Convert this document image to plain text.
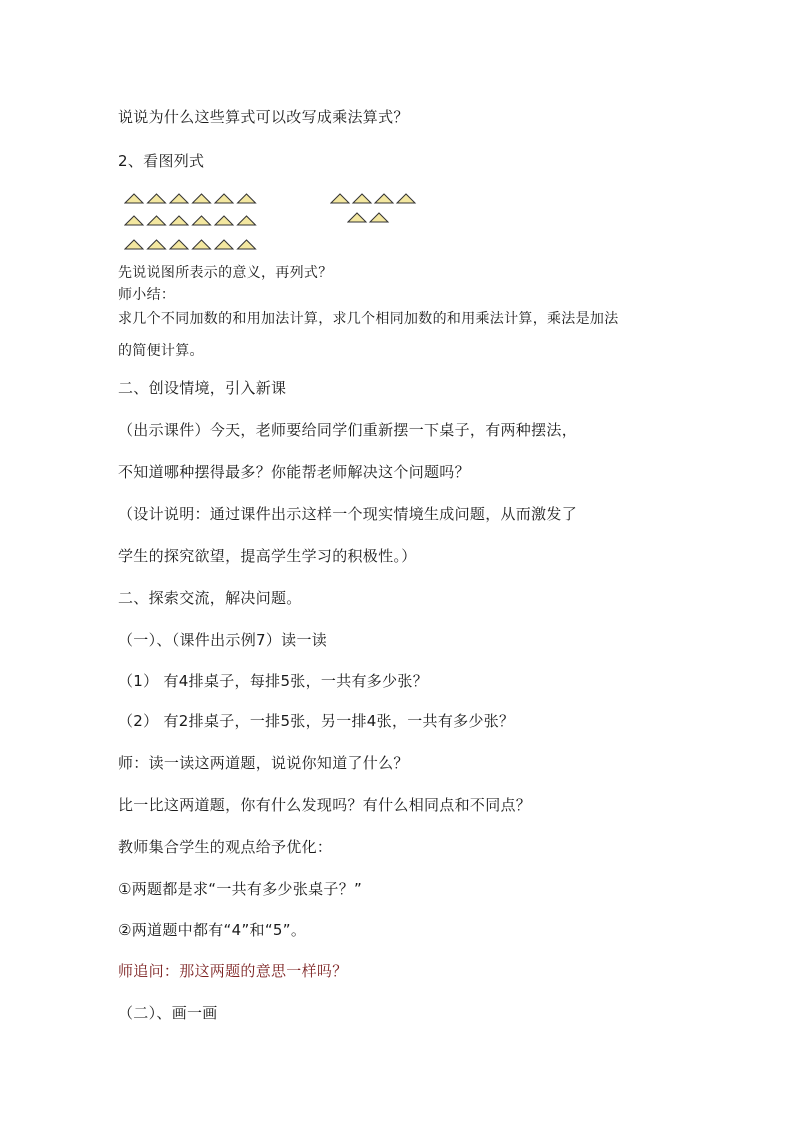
说说为什么这些算式可以改写成乘法算式？
2、看图列式
先说说图所表示的意义，再列式？
师小结：
求几个不同加数的和用加法计算，求几个相同加数的和用乘法计算，乘法是加法
的简便计算。
二、创设情境，引入新课
（出示课件）今天，老师要给同学们重新摆一下桌子，有两种摆法，
不知道哪种摆得最多？你能帮老师解决这个问题吗？
（设计说明：通过课件出示这样一个现实情境生成问题，从而激发了
学生的探究欲望，提高学生学习的积极性。）
二、探索交流，解决问题。
（一）、（课件出示例7）读一读
（1） 有4排桌子，每排5张，一共有多少张？
（2） 有2排桌子，一排5张，另一排4张，一共有多少张？
师：读一读这两道题，说说你知道了什么？
比一比这两道题，你有什么发现吗？有什么相同点和不同点？
教师集合学生的观点给予优化：
①两题都是求“一共有多少张桌子？”
②两道题中都有“4”和“5”。
师追问：那这两题的意思一样吗？
（二）、画一画
